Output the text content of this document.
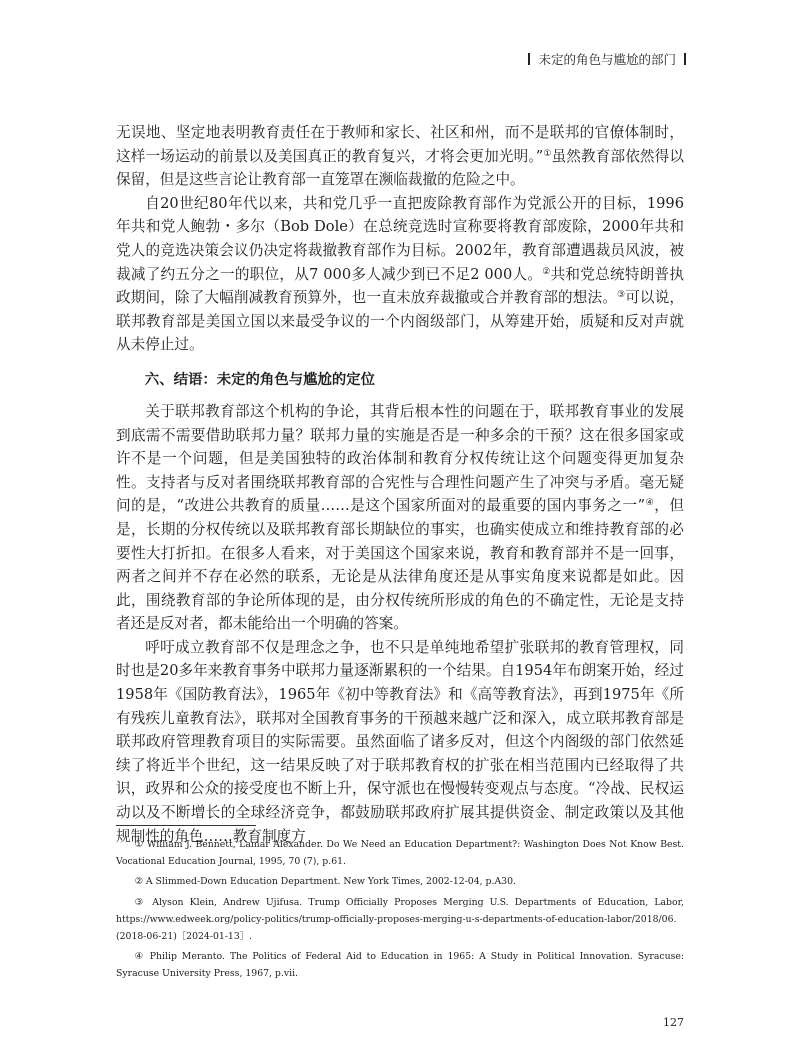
未定的角色与尴尬的部门

无误地、坚定地表明教育责任在于教师和家长、社区和州，而不是联邦的官僚体制时，这样一场运动的前景以及美国真正的教育复兴，才将会更加光明。”①虽然教育部依然得以保留，但是这些言论让教育部一直笼罩在濒临裁撤的危险之中。

自20世纪80年代以来，共和党几乎一直把废除教育部作为党派公开的目标，1996年共和党人鲍勃・多尔（Bob Dole）在总统竞选时宣称要将教育部废除，2000年共和党人的竞选决策会议仍决定将裁撤教育部作为目标。2002年，教育部遭遇裁员风波，被裁减了约五分之一的职位，从7 000多人减少到已不足2 000人。②共和党总统特朗普执政期间，除了大幅削减教育预算外，也一直未放弃裁撤或合并教育部的想法。③可以说，联邦教育部是美国立国以来最受争议的一个内阁级部门，从筹建开始，质疑和反对声就从未停止过。

六、结语：未定的角色与尴尬的定位

关于联邦教育部这个机构的争论，其背后根本性的问题在于，联邦教育事业的发展到底需不需要借助联邦力量？联邦力量的实施是否是一种多余的干预？这在很多国家或许不是一个问题，但是美国独特的政治体制和教育分权传统让这个问题变得更加复杂性。支持者与反对者围绕联邦教育部的合宪性与合理性问题产生了冲突与矛盾。毫无疑问的是，“改进公共教育的质量……是这个国家所面对的最重要的国内事务之一”④，但是，长期的分权传统以及联邦教育部长期缺位的事实，也确实使成立和维持教育部的必要性大打折扣。在很多人看来，对于美国这个国家来说，教育和教育部并不是一回事，两者之间并不存在必然的联系，无论是从法律角度还是从事实角度来说都是如此。因此，围绕教育部的争论所体现的是，由分权传统所形成的角色的不确定性，无论是支持者还是反对者，都未能给出一个明确的答案。

呼吁成立教育部不仅是理念之争，也不只是单纯地希望扩张联邦的教育管理权，同时也是20多年来教育事务中联邦力量逐渐累积的一个结果。自1954年布朗案开始，经过1958年《国防教育法》，1965年《初中等教育法》和《高等教育法》，再到1975年《所有残疾儿童教育法》，联邦对全国教育事务的干预越来越广泛和深入，成立联邦教育部是联邦政府管理教育项目的实际需要。虽然面临了诸多反对，但这个内阁级的部门依然延续了将近半个世纪，这一结果反映了对于联邦教育权的扩张在相当范围内已经取得了共识，政界和公众的接受度也不断上升，保守派也在慢慢转变观点与态度。“冷战、民权运动以及不断增长的全球经济竞争，都鼓励联邦政府扩展其提供资金、制定政策以及其他规制性的角色……教育制度方

① William J. Bennett, Lamar Alexander. Do We Need an Education Department?: Washington Does Not Know Best. Vocational Education Journal, 1995, 70 (7), p.61.

② A Slimmed-Down Education Department. New York Times, 2002-12-04, p.A30.

③ Alyson Klein, Andrew Ujifusa. Trump Officially Proposes Merging U.S. Departments of Education, Labor, https://www.edweek.org/policy-politics/trump-officially-proposes-merging-u-s-departments-of-education-labor/2018/06. (2018-06-21)［2024-01-13］.

④ Philip Meranto. The Politics of Federal Aid to Education in 1965: A Study in Political Innovation. Syracuse: Syracuse University Press, 1967, p.ⅶ.

127
